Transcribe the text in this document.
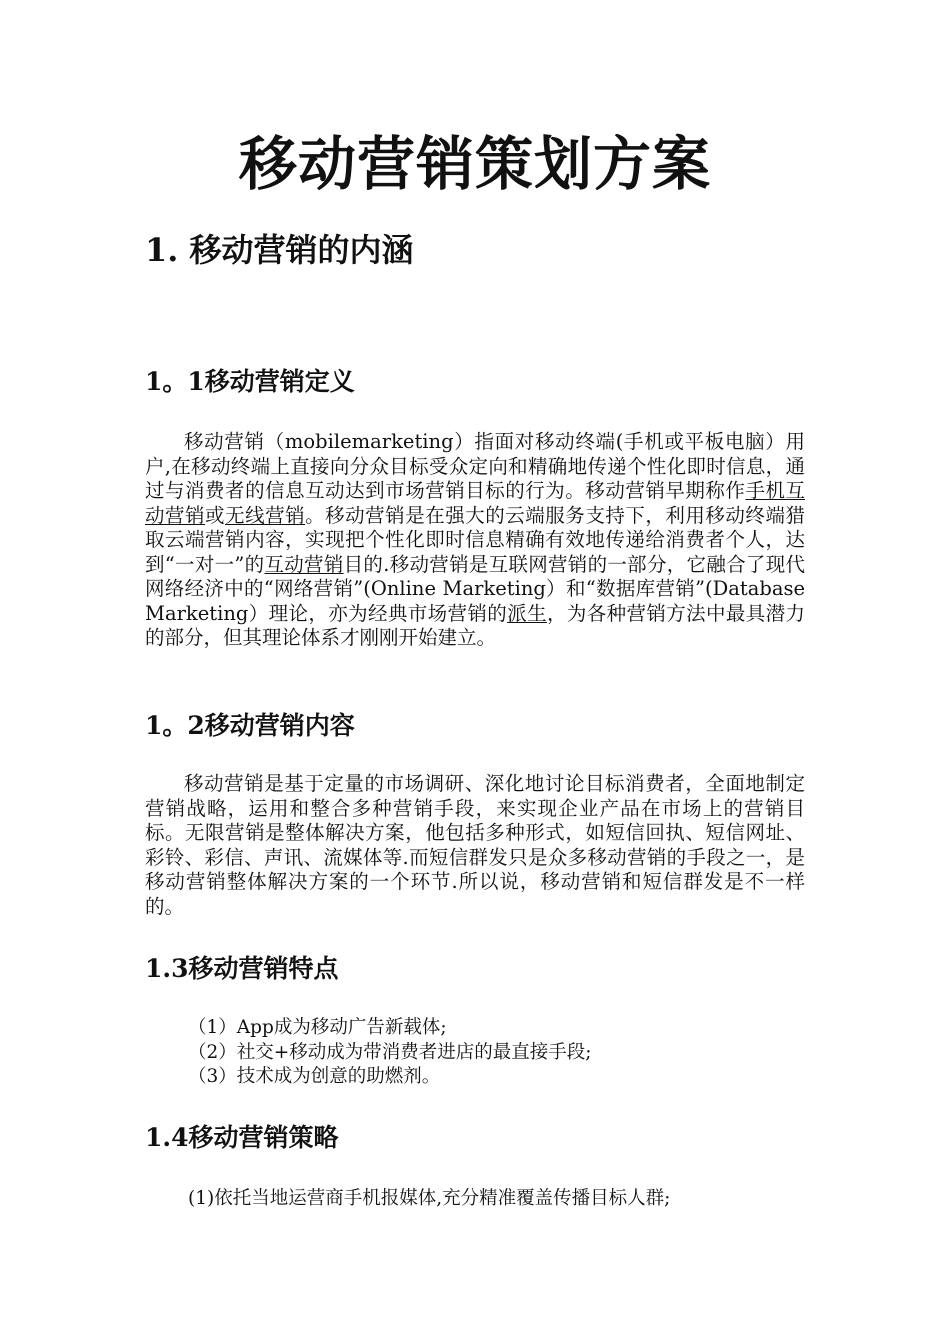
移动营销策划方案
1. 移动营销的内涵
1。1移动营销定义
移动营销（mobilemarketing）指面对移动终端(手机或平板电脑）用户,在移动终端上直接向分众目标受众定向和精确地传递个性化即时信息，通过与消费者的信息互动达到市场营销目标的行为。移动营销早期称作手机互动营销或无线营销。移动营销是在强大的云端服务支持下，利用移动终端猎取云端营销内容，实现把个性化即时信息精确有效地传递给消费者个人，达到“一对一”的互动营销目的.移动营销是互联网营销的一部分，它融合了现代网络经济中的“网络营销”(Online Marketing）和“数据库营销”(Database Marketing）理论，亦为经典市场营销的派生，为各种营销方法中最具潜力的部分，但其理论体系才刚刚开始建立。
1。2移动营销内容
移动营销是基于定量的市场调研、深化地讨论目标消费者，全面地制定营销战略，运用和整合多种营销手段，来实现企业产品在市场上的营销目标。无限营销是整体解决方案，他包括多种形式，如短信回执、短信网址、彩铃、彩信、声讯、流媒体等.而短信群发只是众多移动营销的手段之一，是移动营销整体解决方案的一个环节.所以说，移动营销和短信群发是不一样的。
1.3移动营销特点
（1）App成为移动广告新载体;
（2）社交+移动成为带消费者进店的最直接手段;
（3）技术成为创意的助燃剂。
1.4移动营销策略
(1)依托当地运营商手机报媒体,充分精准覆盖传播目标人群;
